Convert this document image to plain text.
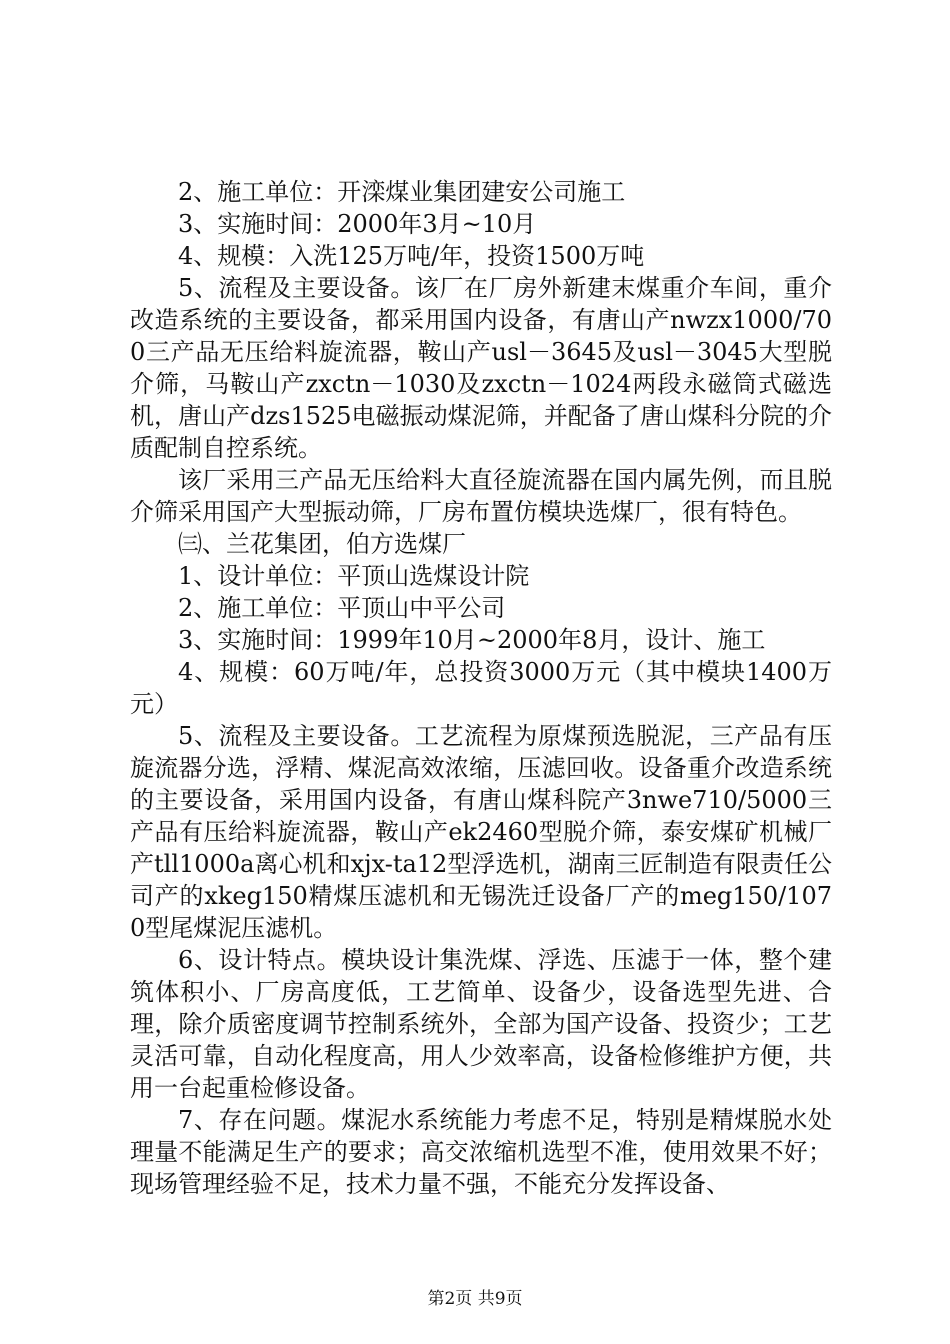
2、施工单位：开滦煤业集团建安公司施工

3、实施时间：2000年3月~10月

4、规模：入洗125万吨/年，投资1500万吨

5、流程及主要设备。该厂在厂房外新建末煤重介车间，重介改造系统的主要设备，都采用国内设备，有唐山产nwzx1000/700三产品无压给料旋流器，鞍山产usl－3645及usl－3045大型脱介筛，马鞍山产zxctn－1030及zxctn－1024两段永磁筒式磁选机，唐山产dzs1525电磁振动煤泥筛，并配备了唐山煤科分院的介质配制自控系统。

该厂采用三产品无压给料大直径旋流器在国内属先例，而且脱介筛采用国产大型振动筛，厂房布置仿模块选煤厂，很有特色。

㈢、兰花集团，伯方选煤厂

1、设计单位：平顶山选煤设计院

2、施工单位：平顶山中平公司

3、实施时间：1999年10月~2000年8月，设计、施工

4、规模：60万吨/年，总投资3000万元（其中模块1400万元）

5、流程及主要设备。工艺流程为原煤预选脱泥，三产品有压旋流器分选，浮精、煤泥高效浓缩，压滤回收。设备重介改造系统的主要设备，采用国内设备，有唐山煤科院产3nwe710/5000三产品有压给料旋流器，鞍山产ek2460型脱介筛，泰安煤矿机械厂产tll1000a离心机和xjx-ta12型浮选机，湖南三匠制造有限责任公司产的xkeg150精煤压滤机和无锡洗迁设备厂产的meg150/1070型尾煤泥压滤机。

6、设计特点。模块设计集洗煤、浮选、压滤于一体，整个建筑体积小、厂房高度低，工艺简单、设备少，设备选型先进、合理，除介质密度调节控制系统外，全部为国产设备、投资少；工艺灵活可靠，自动化程度高，用人少效率高，设备检修维护方便，共用一台起重检修设备。

7、存在问题。煤泥水系统能力考虑不足，特别是精煤脱水处理量不能满足生产的要求；高交浓缩机选型不准，使用效果不好；现场管理经验不足，技术力量不强，不能充分发挥设备、

第2页 共9页
